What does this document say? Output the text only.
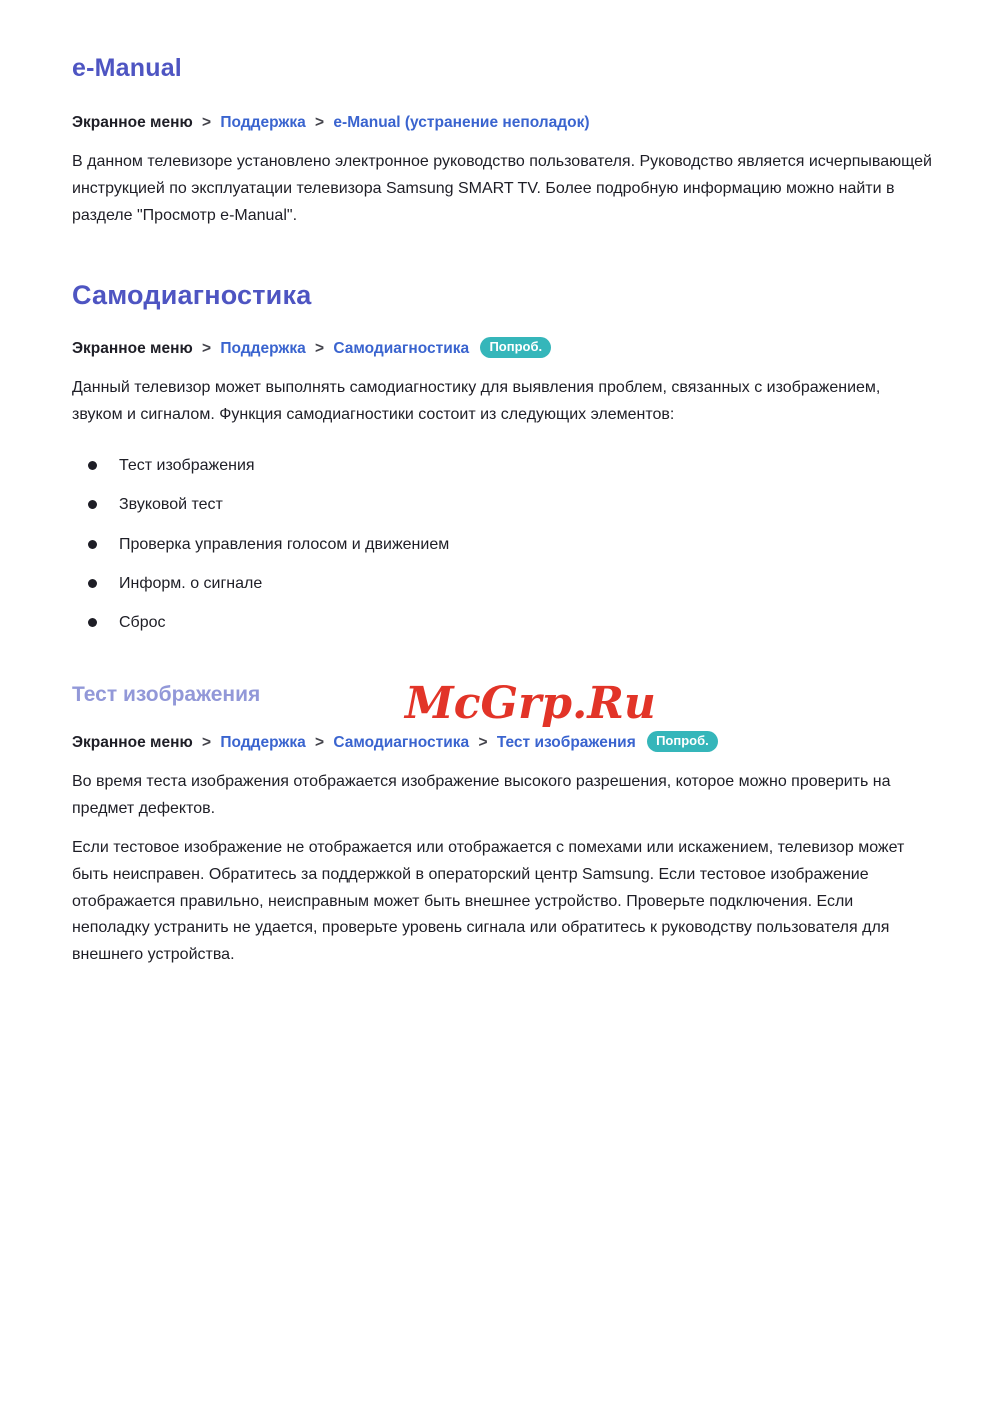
e-Manual

Экранное меню > Поддержка > e-Manual (устранение неполадок)

В данном телевизоре установлено электронное руководство пользователя. Руководство является исчерпывающей инструкцией по эксплуатации телевизора Samsung SMART TV. Более подробную информацию можно найти в разделе "Просмотр e-Manual".

Самодиагностика

Экранное меню > Поддержка > Самодиагностика Попроб.

Данный телевизор может выполнять самодиагностику для выявления проблем, связанных с изображением, звуком и сигналом. Функция самодиагностики состоит из следующих элементов:

Тест изображения
Звуковой тест
Проверка управления голосом и движением
Информ. о сигнале
Сброс
Тест изображения

Экранное меню > Поддержка > Самодиагностика > Тест изображения Попроб.

Во время теста изображения отображается изображение высокого разрешения, которое можно проверить на предмет дефектов.

Если тестовое изображение не отображается или отображается с помехами или искажением, телевизор может быть неисправен. Обратитесь за поддержкой в операторский центр Samsung. Если тестовое изображение отображается правильно, неисправным может быть внешнее устройство. Проверьте подключения. Если неполадку устранить не удается, проверьте уровень сигнала или обратитесь к руководству пользователя для внешнего устройства.

McGrp.Ru
